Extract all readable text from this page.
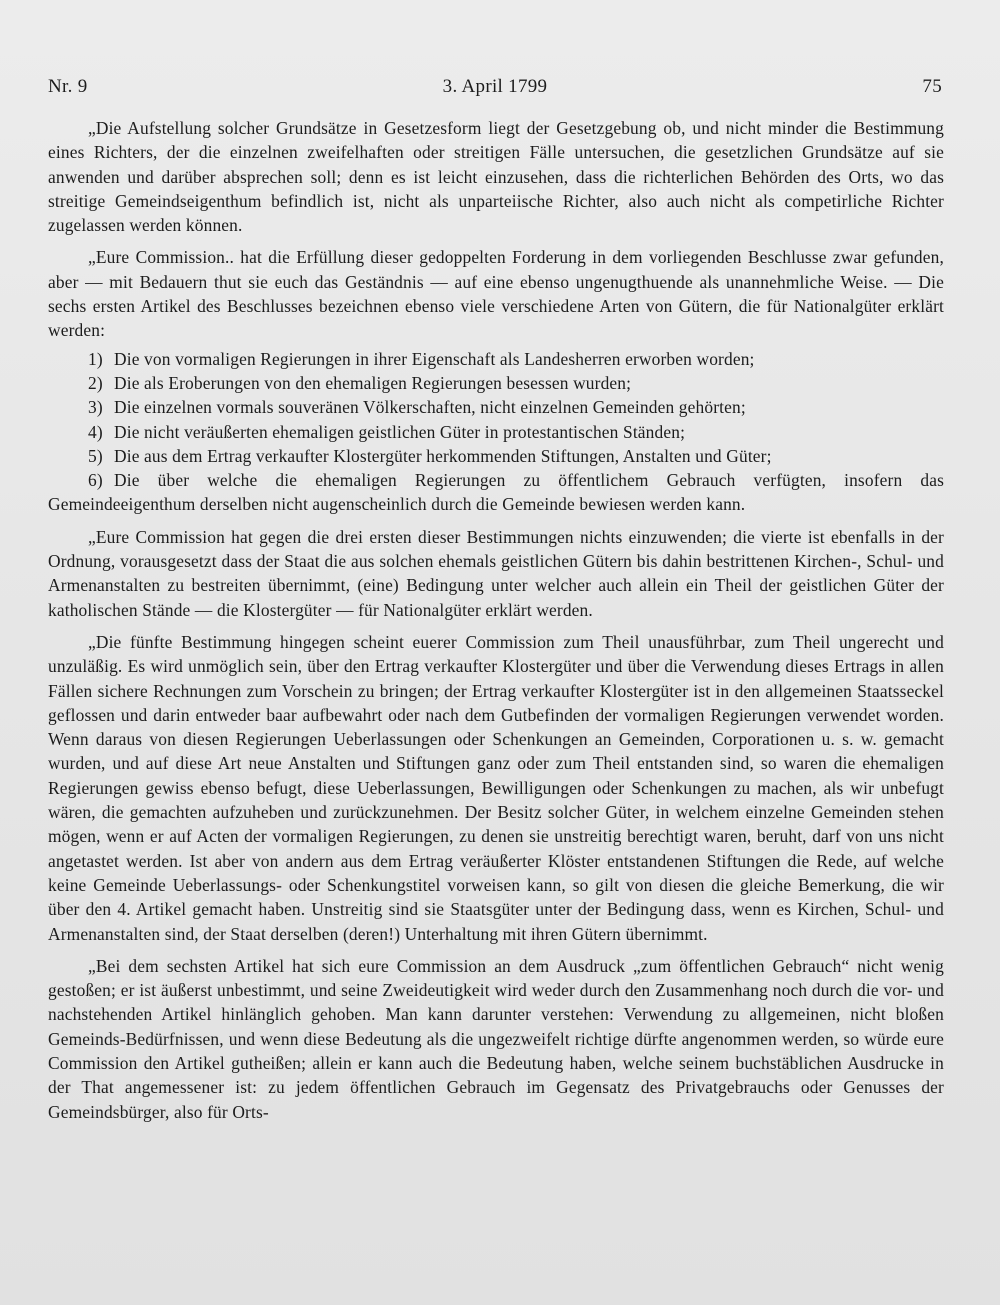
Nr. 9	3. April 1799	75

„Die Aufstellung solcher Grundsätze in Gesetzesform liegt der Gesetzgebung ob, und nicht minder die Bestimmung eines Richters, der die einzelnen zweifelhaften oder streitigen Fälle untersuchen, die gesetzlichen Grundsätze auf sie anwenden und darüber absprechen soll; denn es ist leicht einzusehen, dass die richterlichen Behörden des Orts, wo das streitige Gemeindseigenthum befindlich ist, nicht als unparteiische Richter, also auch nicht als competirliche Richter zugelassen werden können.

„Eure Commission.. hat die Erfüllung dieser gedoppelten Forderung in dem vorliegenden Beschlusse zwar gefunden, aber — mit Bedauern thut sie euch das Geständnis — auf eine ebenso ungenugthuende als unannehmliche Weise. — Die sechs ersten Artikel des Beschlusses bezeichnen ebenso viele verschiedene Arten von Gütern, die für Nationalgüter erklärt werden:

1) Die von vormaligen Regierungen in ihrer Eigenschaft als Landesherren erworben worden;
2) Die als Eroberungen von den ehemaligen Regierungen besessen wurden;
3) Die einzelnen vormals souveränen Völkerschaften, nicht einzelnen Gemeinden gehörten;
4) Die nicht veräußerten ehemaligen geistlichen Güter in protestantischen Ständen;
5) Die aus dem Ertrag verkaufter Klostergüter herkommenden Stiftungen, Anstalten und Güter;
6) Die über welche die ehemaligen Regierungen zu öffentlichem Gebrauch verfügten, insofern das Gemeindeeigenthum derselben nicht augenscheinlich durch die Gemeinde bewiesen werden kann.

„Eure Commission hat gegen die drei ersten dieser Bestimmungen nichts einzuwenden; die vierte ist ebenfalls in der Ordnung, vorausgesetzt dass der Staat die aus solchen ehemals geistlichen Gütern bis dahin bestrittenen Kirchen-, Schul- und Armenanstalten zu bestreiten übernimmt, (eine) Bedingung unter welcher auch allein ein Theil der geistlichen Güter der katholischen Stände — die Klostergüter — für Nationalgüter erklärt werden.

„Die fünfte Bestimmung hingegen scheint euerer Commission zum Theil unausführbar, zum Theil ungerecht und unzuläßig. Es wird unmöglich sein, über den Ertrag verkaufter Klostergüter und über die Verwendung dieses Ertrags in allen Fällen sichere Rechnungen zum Vorschein zu bringen; der Ertrag verkaufter Klostergüter ist in den allgemeinen Staatsseckel geflossen und darin entweder baar aufbewahrt oder nach dem Gutbefinden der vormaligen Regierungen verwendet worden. Wenn daraus von diesen Regierungen Ueberlassungen oder Schenkungen an Gemeinden, Corporationen u. s. w. gemacht wurden, und auf diese Art neue Anstalten und Stiftungen ganz oder zum Theil entstanden sind, so waren die ehemaligen Regierungen gewiss ebenso befugt, diese Ueberlassungen, Bewilligungen oder Schenkungen zu machen, als wir unbefugt wären, die gemachten aufzuheben und zurückzunehmen. Der Besitz solcher Güter, in welchem einzelne Gemeinden stehen mögen, wenn er auf Acten der vormaligen Regierungen, zu denen sie unstreitig berechtigt waren, beruht, darf von uns nicht angetastet werden. Ist aber von andern aus dem Ertrag veräußerter Klöster entstandenen Stiftungen die Rede, auf welche keine Gemeinde Ueberlassungs- oder Schenkungstitel vorweisen kann, so gilt von diesen die gleiche Bemerkung, die wir über den 4. Artikel gemacht haben. Unstreitig sind sie Staatsgüter unter der Bedingung dass, wenn es Kirchen, Schul- und Armenanstalten sind, der Staat derselben (deren!) Unterhaltung mit ihren Gütern übernimmt.

„Bei dem sechsten Artikel hat sich eure Commission an dem Ausdruck „zum öffentlichen Gebrauch“ nicht wenig gestoßen; er ist äußerst unbestimmt, und seine Zweideutigkeit wird weder durch den Zusammenhang noch durch die vor- und nachstehenden Artikel hinlänglich gehoben. Man kann darunter verstehen: Verwendung zu allgemeinen, nicht bloßen Gemeinds-Bedürfnissen, und wenn diese Bedeutung als die ungezweifelt richtige dürfte angenommen werden, so würde eure Commission den Artikel gutheißen; allein er kann auch die Bedeutung haben, welche seinem buchstäblichen Ausdrucke in der That angemessener ist: zu jedem öffentlichen Gebrauch im Gegensatz des Privatgebrauchs oder Genusses der Gemeindsbürger, also für Orts-
